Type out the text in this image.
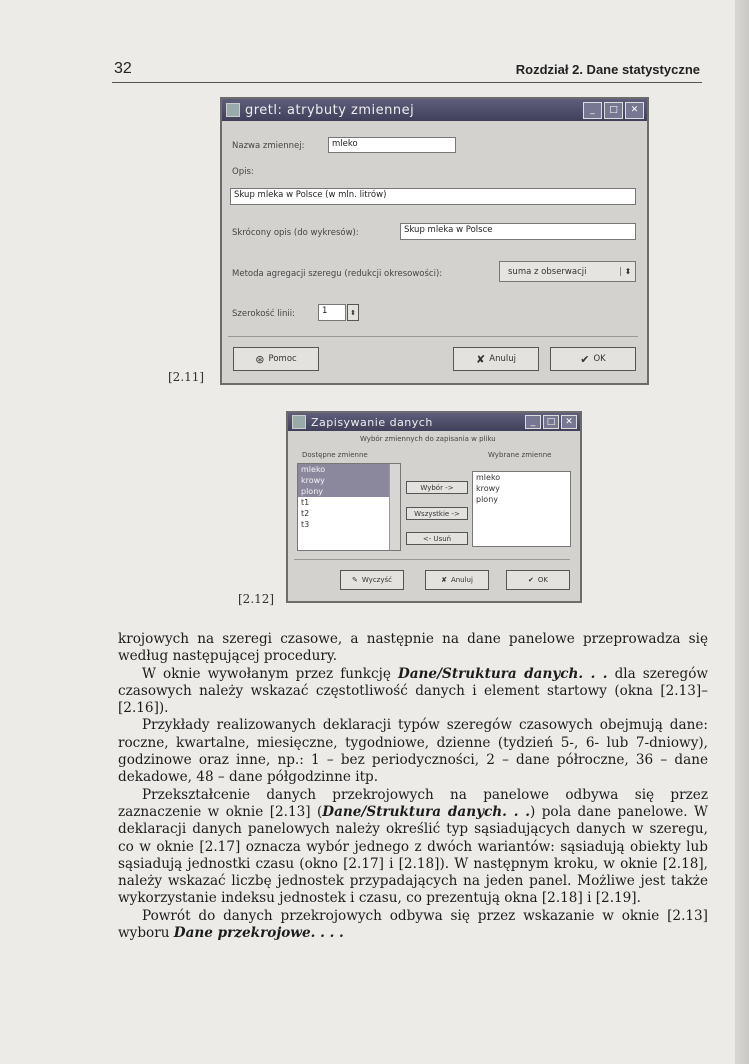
32	Rozdział 2. Dane statystyczne
[2.11]
gretl: atrybuty zmiennej	_	□	✕
Nazwa zmiennej:	mleko
Opis:
Skup mleka w Polsce (w mln. litrów)
Skrócony opis (do wykresów):	Skup mleka w Polsce
Metoda agregacji szeregu (redukcji okresowości):	suma z obserwacji	⬍
Szerokość linii:	1	⬍
⊛ Pomoc	✘ Anuluj	✔ OK
[2.12]
Zapisywanie danych	_	□	✕
Wybór zmiennych do zapisania w pliku
Dostępne zmienne	Wybrane zmienne
mleko
krowy
plony
t1
t2
t3
Wybór ->
Wszystkie ->
<- Usuń
mleko
krowy
plony
✎ Wyczyść	✘ Anuluj	✔ OK

krojowych na szeregi czasowe, a następnie na dane panelowe przeprowadza się według następującej procedury.

W oknie wywołanym przez funkcję Dane/Struktura danych. . . dla szeregów czasowych należy wskazać częstotliwość danych i element startowy (okna [2.13]–[2.16]).

Przykłady realizowanych deklaracji typów szeregów czasowych obejmują dane: roczne, kwartalne, miesięczne, tygodniowe, dzienne (tydzień 5-, 6- lub 7-dniowy), godzinowe oraz inne, np.: 1 – bez periodyczności, 2 – dane półroczne, 36 – dane dekadowe, 48 – dane półgodzinne itp.

Przekształcenie danych przekrojowych na panelowe odbywa się przez zaznaczenie w oknie [2.13] (Dane/Struktura danych. . .) pola dane panelowe. W deklaracji danych panelowych należy określić typ sąsiadujących danych w szeregu, co w oknie [2.17] oznacza wybór jednego z dwóch wariantów: sąsiadują obiekty lub sąsiadują jednostki czasu (okno [2.17] i [2.18]). W następnym kroku, w oknie [2.18], należy wskazać liczbę jednostek przypadających na jeden panel. Możliwe jest także wykorzystanie indeksu jednostek i czasu, co prezentują okna [2.18] i [2.19].

Powrót do danych przekrojowych odbywa się przez wskazanie w oknie [2.13] wyboru Dane przekrojowe. . . .
